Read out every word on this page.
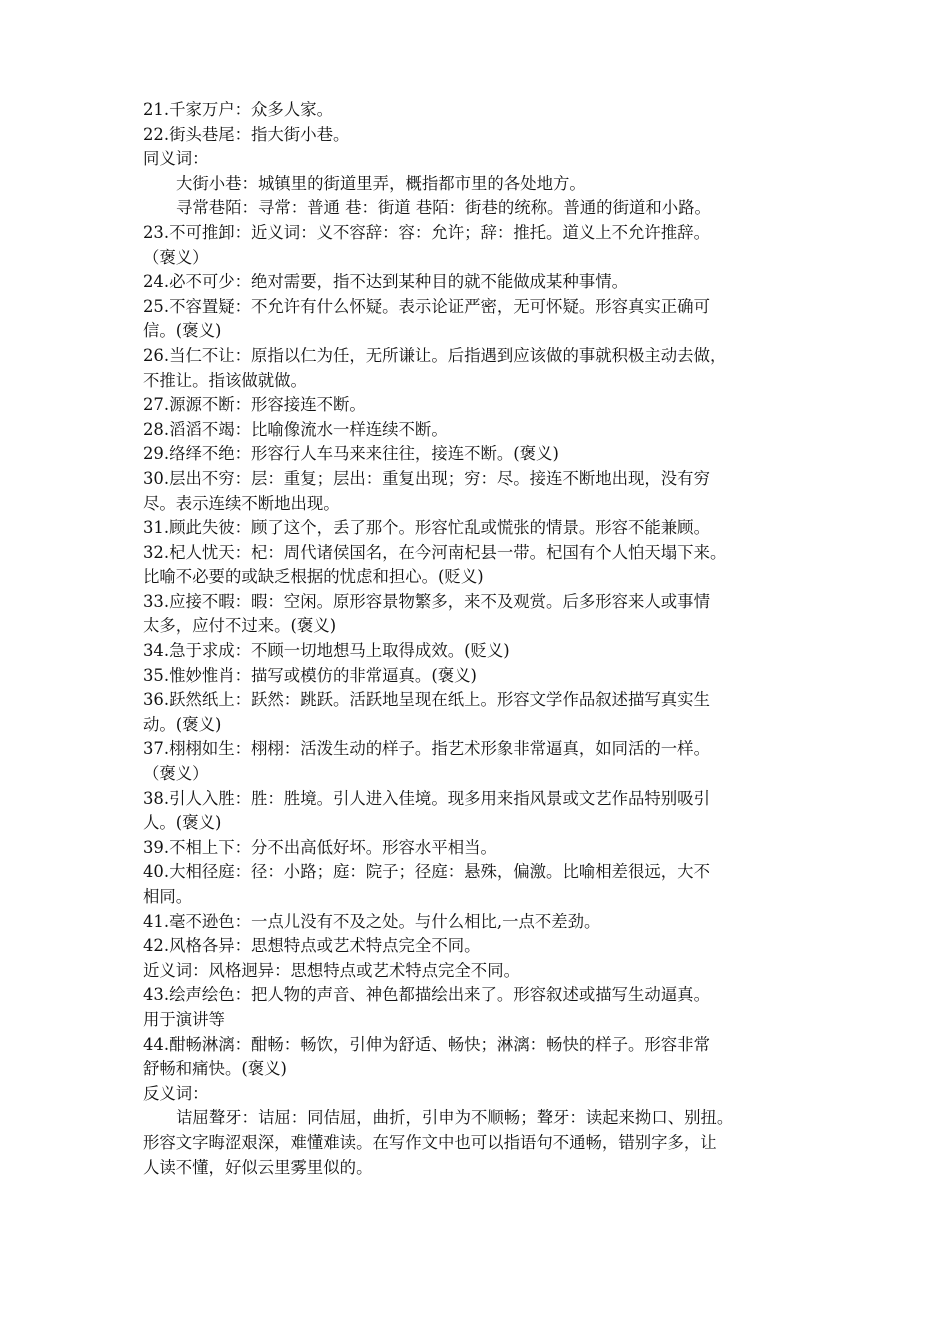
21.千家万户：众多人家。
22.街头巷尾：指大街小巷。
同义词：
大街小巷：城镇里的街道里弄，概指都市里的各处地方。
寻常巷陌：寻常：普通 巷：街道 巷陌：街巷的统称。普通的街道和小路。
23.不可推卸：近义词：义不容辞：容：允许；辞：推托。道义上不允许推辞。
（褒义）
24.必不可少：绝对需要，指不达到某种目的就不能做成某种事情。
25.不容置疑：不允许有什么怀疑。表示论证严密，无可怀疑。形容真实正确可
信。(褒义)
26.当仁不让：原指以仁为任，无所谦让。后指遇到应该做的事就积极主动去做，
不推让。指该做就做。
27.源源不断：形容接连不断。
28.滔滔不竭：比喻像流水一样连续不断。
29.络绎不绝：形容行人车马来来往往，接连不断。(褒义)
30.层出不穷：层：重复；层出：重复出现；穷：尽。接连不断地出现，没有穷
尽。表示连续不断地出现。
31.顾此失彼：顾了这个，丢了那个。形容忙乱或慌张的情景。形容不能兼顾。
32.杞人忧天：杞：周代诸侯国名，在今河南杞县一带。杞国有个人怕天塌下来。
比喻不必要的或缺乏根据的忧虑和担心。(贬义)
33.应接不暇：暇：空闲。原形容景物繁多，来不及观赏。后多形容来人或事情
太多，应付不过来。(褒义)
34.急于求成：不顾一切地想马上取得成效。(贬义)
35.惟妙惟肖：描写或模仿的非常逼真。(褒义)
36.跃然纸上：跃然：跳跃。活跃地呈现在纸上。形容文学作品叙述描写真实生
动。(褒义)
37.栩栩如生：栩栩：活泼生动的样子。指艺术形象非常逼真，如同活的一样。
（褒义）
38.引人入胜：胜：胜境。引人进入佳境。现多用来指风景或文艺作品特别吸引
人。(褒义)
39.不相上下：分不出高低好坏。形容水平相当。
40.大相径庭：径：小路；庭：院子；径庭：悬殊，偏激。比喻相差很远，大不
相同。
41.毫不逊色：一点儿没有不及之处。与什么相比,一点不差劲。
42.风格各异：思想特点或艺术特点完全不同。
近义词：风格迥异：思想特点或艺术特点完全不同。
43.绘声绘色：把人物的声音、神色都描绘出来了。形容叙述或描写生动逼真。
用于演讲等
44.酣畅淋漓：酣畅：畅饮，引伸为舒适、畅快；淋漓：畅快的样子。形容非常
舒畅和痛快。(褒义)
反义词：
诘屈聱牙：诘屈：同佶屈，曲折，引申为不顺畅；聱牙：读起来拗口、别扭。
形容文字晦涩艰深，难懂难读。在写作文中也可以指语句不通畅，错别字多，让
人读不懂，好似云里雾里似的。
